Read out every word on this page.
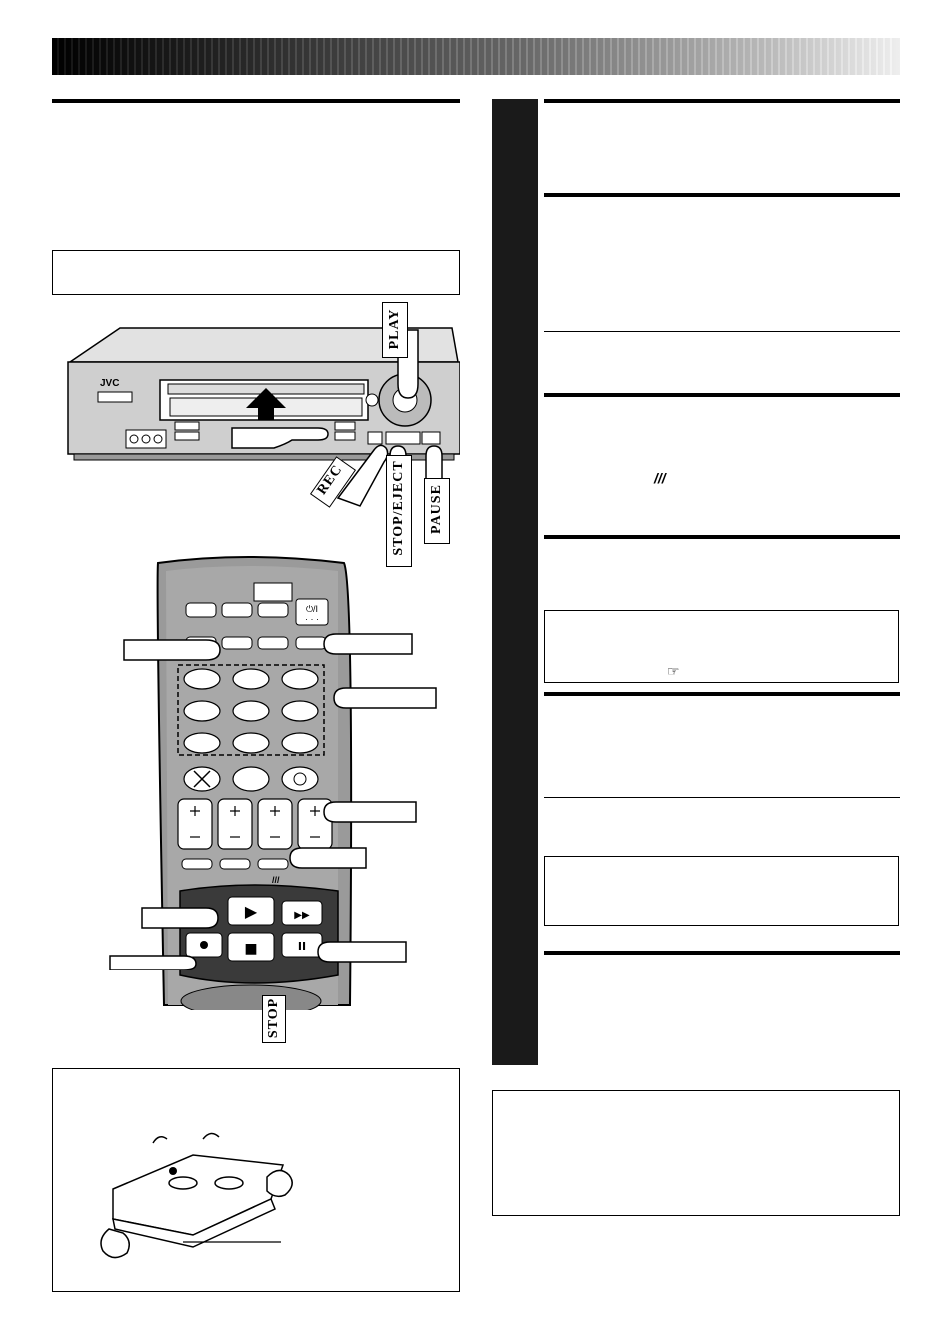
JVC
PLAY
REC	STOP/EJECT PAUSE
⏻/I
· · ·
///
▶	▶▶
■	II
STOP
///
☞
